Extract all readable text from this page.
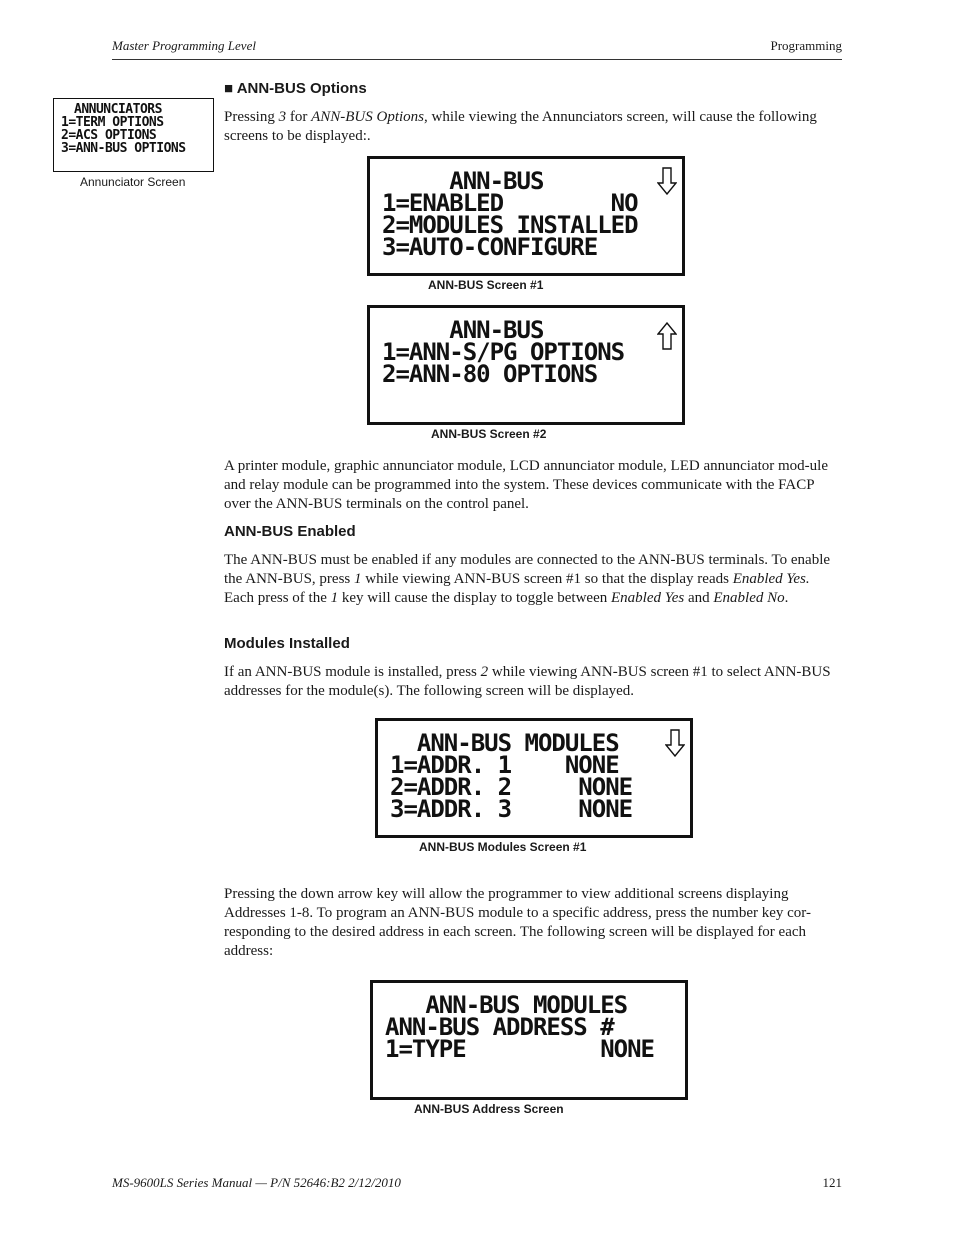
Master Programming Level	Programming
ANNUNCIATORS
1=TERM OPTIONS
2=ACS OPTIONS
3=ANN-BUS OPTIONS
Annunciator Screen
■ ANN-BUS Options

Pressing 3 for ANN-BUS Options, while viewing the Annunciators screen, will cause the following screens to be displayed:.

ANN-BUS
1=ENABLED        NO
2=MODULES INSTALLED
3=AUTO-CONFIGURE
ANN-BUS Screen #1
ANN-BUS
1=ANN-S/PG OPTIONS
2=ANN-80 OPTIONS
ANN-BUS Screen #2

A printer module, graphic annunciator module, LCD annunciator module, LED annunciator mod-ule and relay module can be programmed into the system. These devices communicate with the FACP over the ANN-BUS terminals on the control panel.

ANN-BUS Enabled

The ANN-BUS must be enabled if any modules are connected to the ANN-BUS terminals. To enable the ANN-BUS, press 1 while viewing ANN-BUS screen #1 so that the display reads Enabled Yes. Each press of the 1 key will cause the display to toggle between Enabled Yes and Enabled No.

Modules Installed

If an ANN-BUS module is installed, press 2 while viewing ANN-BUS screen #1 to select ANN-BUS addresses for the module(s). The following screen will be displayed.

ANN-BUS MODULES
1=ADDR. 1    NONE
2=ADDR. 2     NONE
3=ADDR. 3     NONE
ANN-BUS Modules Screen #1

Pressing the down arrow key will allow the programmer to view additional screens displaying Addresses 1-8. To program an ANN-BUS module to a specific address, press the number key cor-responding to the desired address in each screen. The following screen will be displayed for each address:

ANN-BUS MODULES
ANN-BUS ADDRESS #
1=TYPE          NONE
ANN-BUS Address Screen
MS-9600LS Series Manual — P/N 52646:B2 2/12/2010	121
